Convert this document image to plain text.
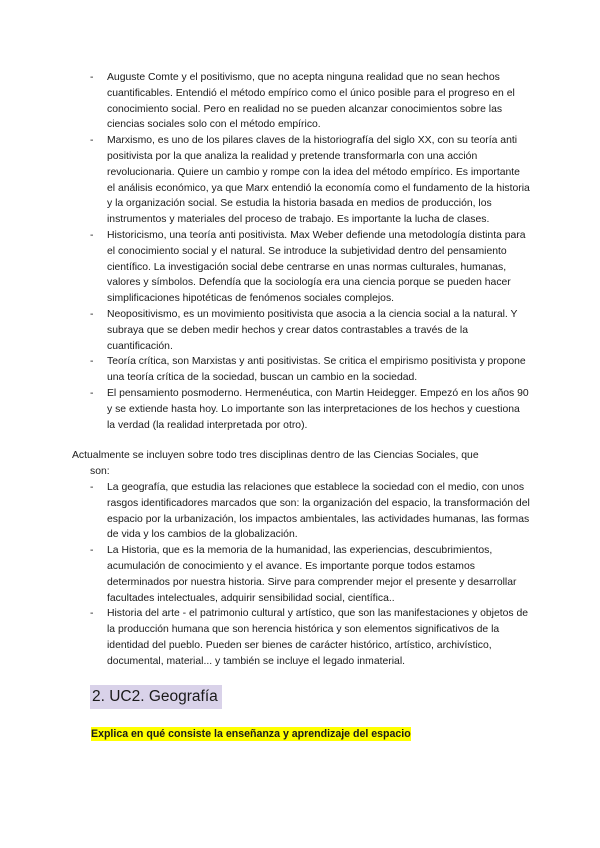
- Auguste Comte y el positivismo, que no acepta ninguna realidad que no sean hechos cuantificables. Entendió el método empírico como el único posible para el progreso en el conocimiento social. Pero en realidad no se pueden alcanzar conocimientos sobre las ciencias sociales solo con el método empírico.
- Marxismo, es uno de los pilares claves de la historiografía del siglo XX, con su teoría anti positivista por la que analiza la realidad y pretende transformarla con una acción revolucionaria. Quiere un cambio y rompe con la idea del método empírico. Es importante el análisis económico, ya que Marx entendió la economía como el fundamento de la historia y la organización social. Se estudia la historia basada en medios de producción, los instrumentos y materiales del proceso de trabajo. Es importante la lucha de clases.
- Historicismo, una teoría anti positivista. Max Weber defiende una metodología distinta para el conocimiento social y el natural. Se introduce la subjetividad dentro del pensamiento científico. La investigación social debe centrarse en unas normas culturales, humanas, valores y símbolos. Defendía que la sociología era una ciencia porque se pueden hacer simplificaciones hipotéticas de fenómenos sociales complejos.
- Neopositivismo, es un movimiento positivista que asocia a la ciencia social a la natural. Y subraya que se deben medir hechos y crear datos contrastables a través de la cuantificación.
- Teoría crítica, son Marxistas y anti positivistas. Se critica el empirismo positivista y propone una teoría crítica de la sociedad, buscan un cambio en la sociedad.
- El pensamiento posmoderno. Hermenéutica, con Martin Heidegger. Empezó en los años 90 y se extiende hasta hoy. Lo importante son las interpretaciones de los hechos y cuestiona la verdad (la realidad interpretada por otro).
Actualmente se incluyen sobre todo tres disciplinas dentro de las Ciencias Sociales, que
son:
- La geografía, que estudia las relaciones que establece la sociedad con el medio, con unos rasgos identificadores marcados que son: la organización del espacio, la transformación del espacio por la urbanización, los impactos ambientales, las actividades humanas, las formas de vida y los cambios de la globalización.
- La Historia, que es la memoria de la humanidad, las experiencias, descubrimientos, acumulación de conocimiento y el avance. Es importante porque todos estamos determinados por nuestra historia. Sirve para comprender mejor el presente y desarrollar facultades intelectuales, adquirir sensibilidad social, científica..
- Historia del arte - el patrimonio cultural y artístico, que son las manifestaciones y objetos de la producción humana que son herencia histórica y son elementos significativos de la identidad del pueblo. Pueden ser bienes de carácter histórico, artístico, archivístico, documental, material... y también se incluye el legado inmaterial.
2. UC2. Geografía
Explica en qué consiste la enseñanza y aprendizaje del espacio
